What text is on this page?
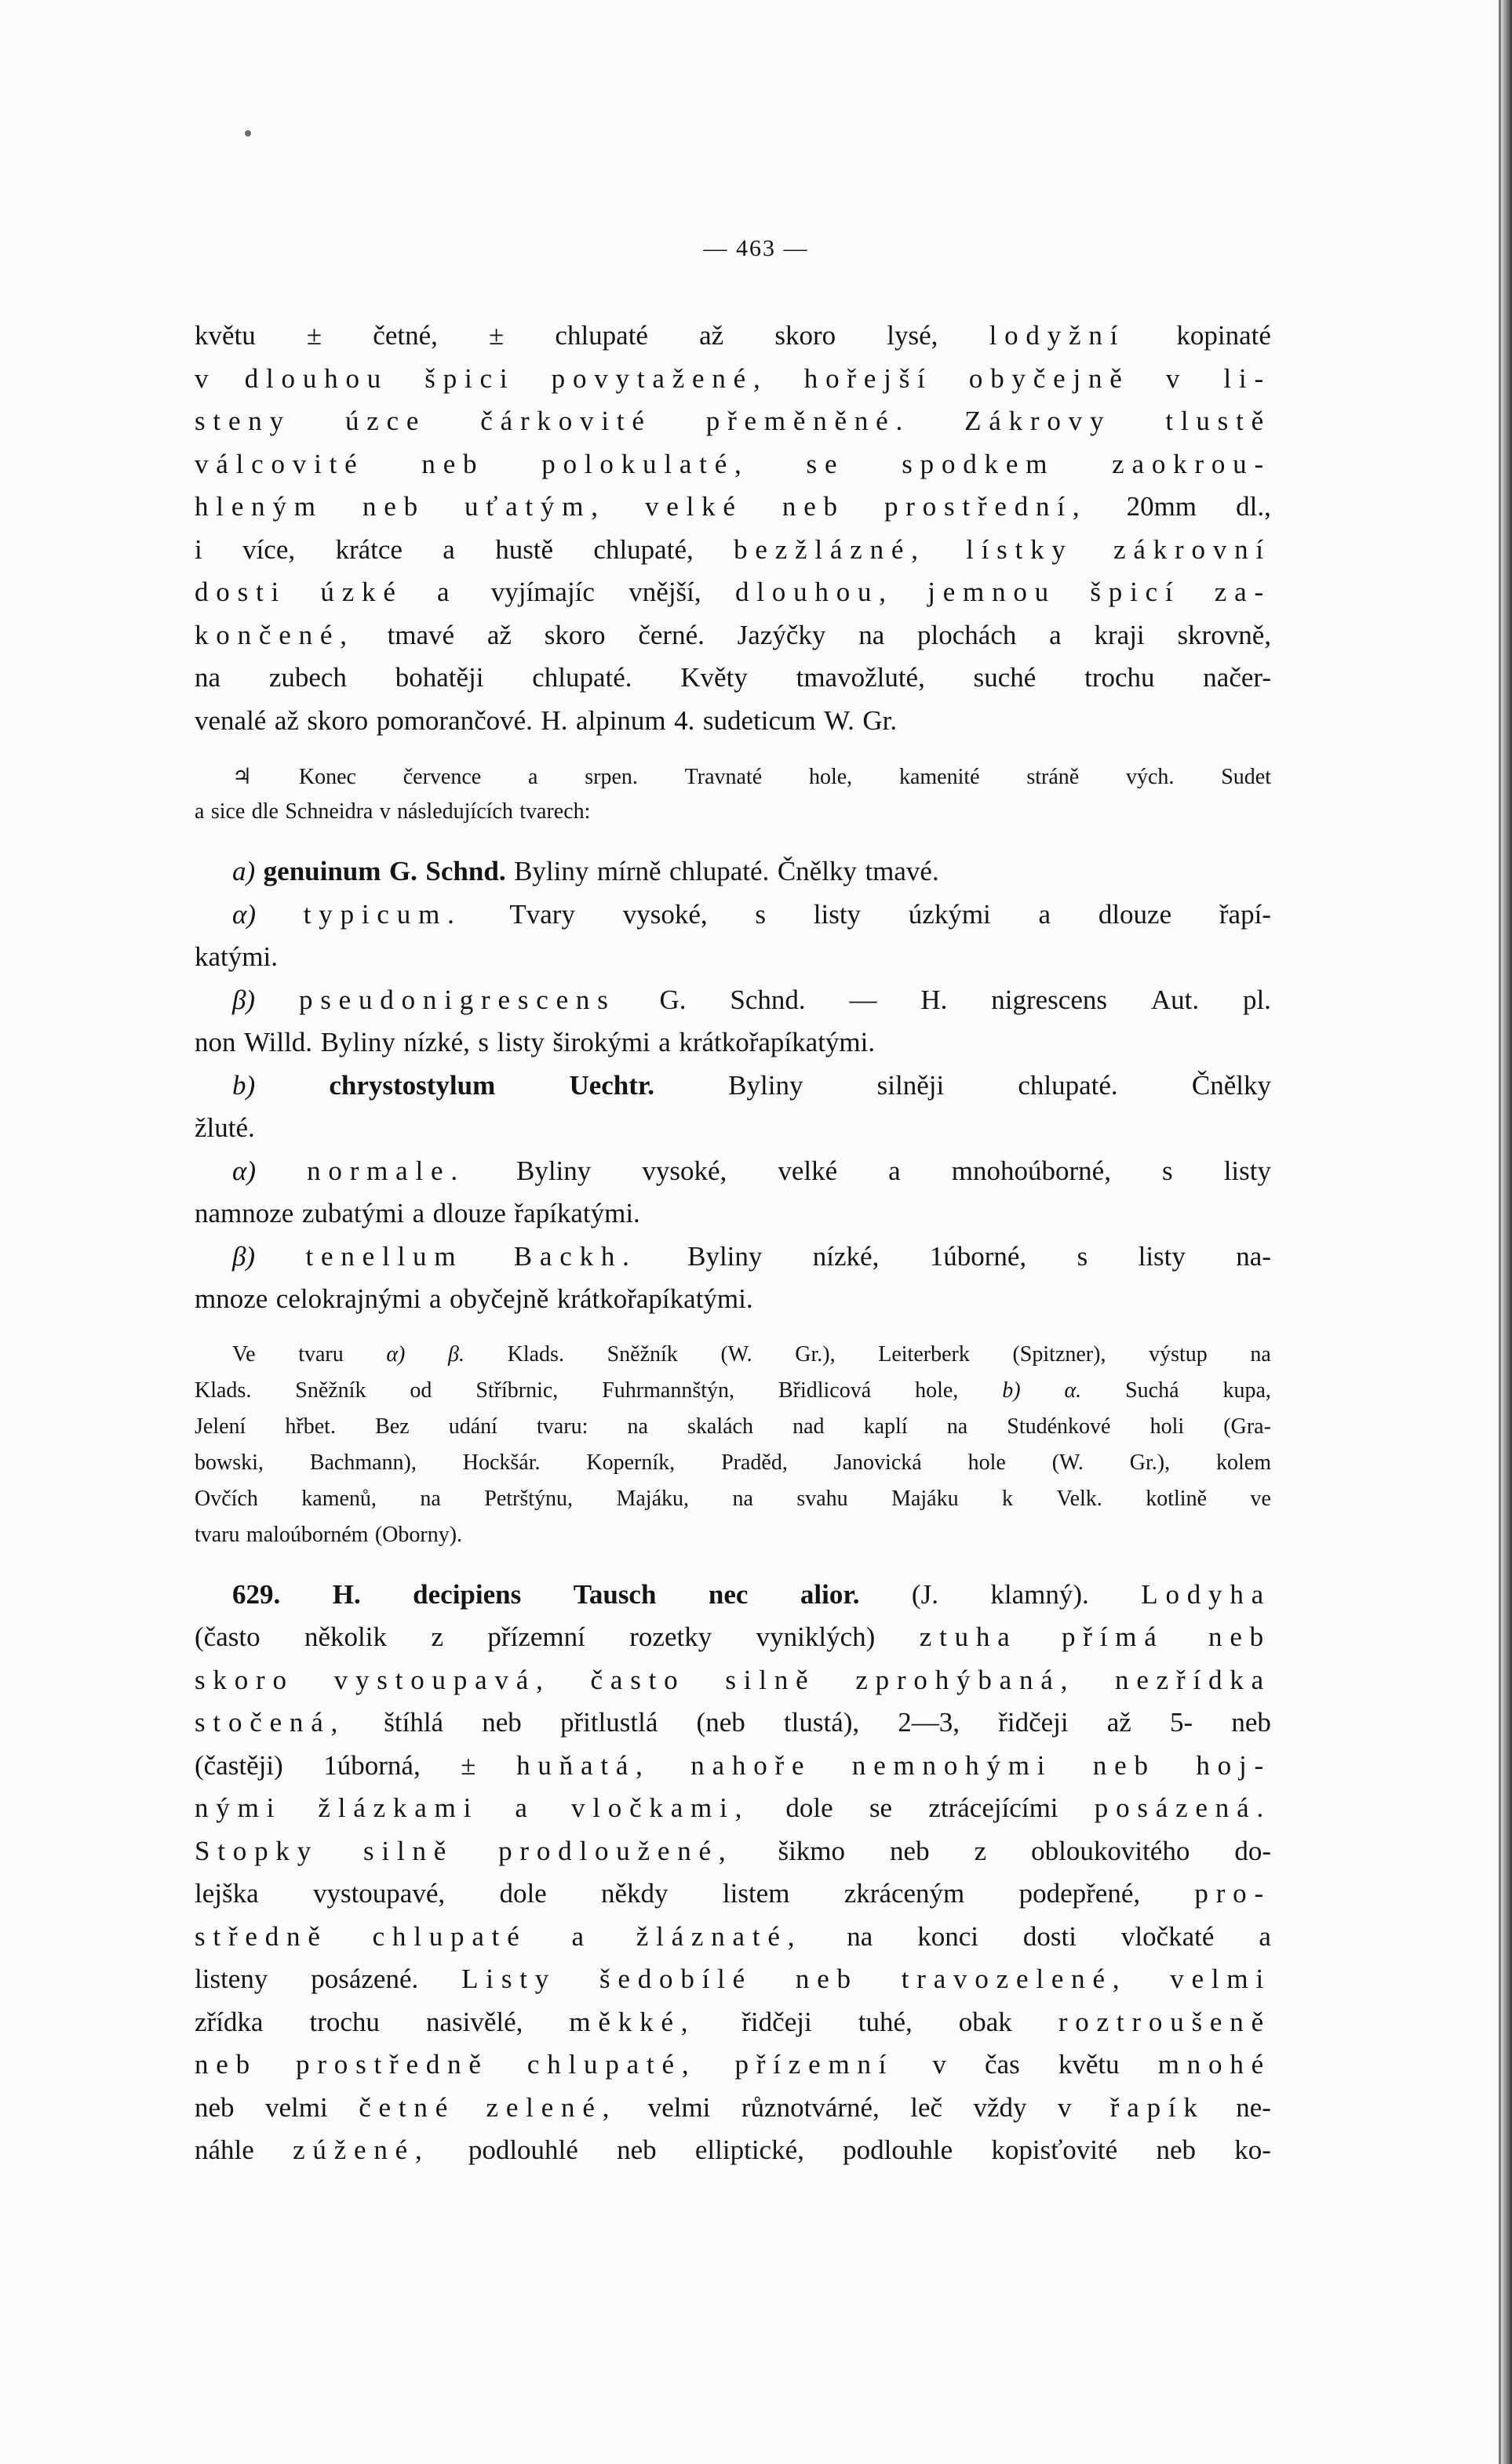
— 463 —
květu ± četné, ± chlupaté až skoro lysé, lodyžní kopinaté
v dlouhou špici povytažené, hořejší obyčejně v li-
steny úzce čárkovité přeměněné. Zákrovy tlustě
válcovité neb polokulaté, se spodkem zaokrou-
hleným neb uťatým, velké neb prostřední, 20mm dl.,
i více, krátce a hustě chlupaté, bezžlázné, lístky zákrovní
dosti úzké a vyjímajíc vnější, dlouhou, jemnou špicí za-
končené, tmavé až skoro černé. Jazýčky na plochách a kraji skrovně,
na zubech bohatěji chlupaté. Květy tmavožluté, suché trochu načer-
venalé až skoro pomorančové. H. alpinum 4. sudeticum W. Gr.
♃ Konec července a srpen. Travnaté hole, kamenité stráně vých. Sudet
a sice dle Schneidra v následujících tvarech:
a) genuinum G. Schnd. Byliny mírně chlupaté. Čnělky tmavé.
α) typicum. Tvary vysoké, s listy úzkými a dlouze řapí-
katými.
β) pseudonigrescens G. Schnd. — H. nigrescens Aut. pl.
non Willd. Byliny nízké, s listy širokými a krátkořapíkatými.
b)	chrystostylum	Uechtr.	Byliny	silněji	chlupaté.	Čnělky
žluté.
α) normale. Byliny vysoké, velké a mnohoúborné, s listy
namnoze zubatými a dlouze řapíkatými.
β) tenellum Backh. Byliny nízké, 1úborné, s listy na-
mnoze celokrajnými a obyčejně krátkořapíkatými.
Ve tvaru α) β. Klads. Sněžník (W. Gr.), Leiterberk (Spitzner), výstup na
Klads. Sněžník od Stříbrnic, Fuhrmannštýn, Břidlicová hole, b) α. Suchá kupa,
Jelení hřbet. Bez udání tvaru: na skalách nad kaplí na Studénkové holi (Gra-
bowski, Bachmann), Hockšár. Koperník, Praděd, Janovická hole (W. Gr.), kolem
Ovčích kamenů, na Petrštýnu, Majáku, na svahu Majáku k Velk. kotlině ve
tvaru maloúborném (Oborny).
629. H. decipiens Tausch nec alior. (J. klamný). Lodyha
(často několik z přízemní rozetky vyniklých) ztuha přímá neb
skoro vystoupavá, často silně zprohýbaná, nezřídka
stočená, štíhlá neb přitlustlá (neb tlustá), 2—3, řidčeji až 5- neb
(častěji) 1úborná, ± huňatá, nahoře nemnohými neb hoj-
nými žlázkami a vločkami, dole se ztrácejícími posázená.
Stopky silně prodloužené, šikmo neb z obloukovitého do-
lejška vystoupavé, dole někdy listem zkráceným podepřené, pro-
středně chlupaté a žláznaté, na konci dosti vločkaté a
listeny posázené. Listy šedobílé neb travozelené, velmi
zřídka trochu nasivělé, měkké, řidčeji tuhé, obak roztroušeně
neb prostředně chlupaté, přízemní v čas květu mnohé
neb velmi četné zelené, velmi různotvárné, leč vždy v řapík ne-
náhle zúžené, podlouhlé neb elliptické, podlouhle kopisťovité neb ko-
